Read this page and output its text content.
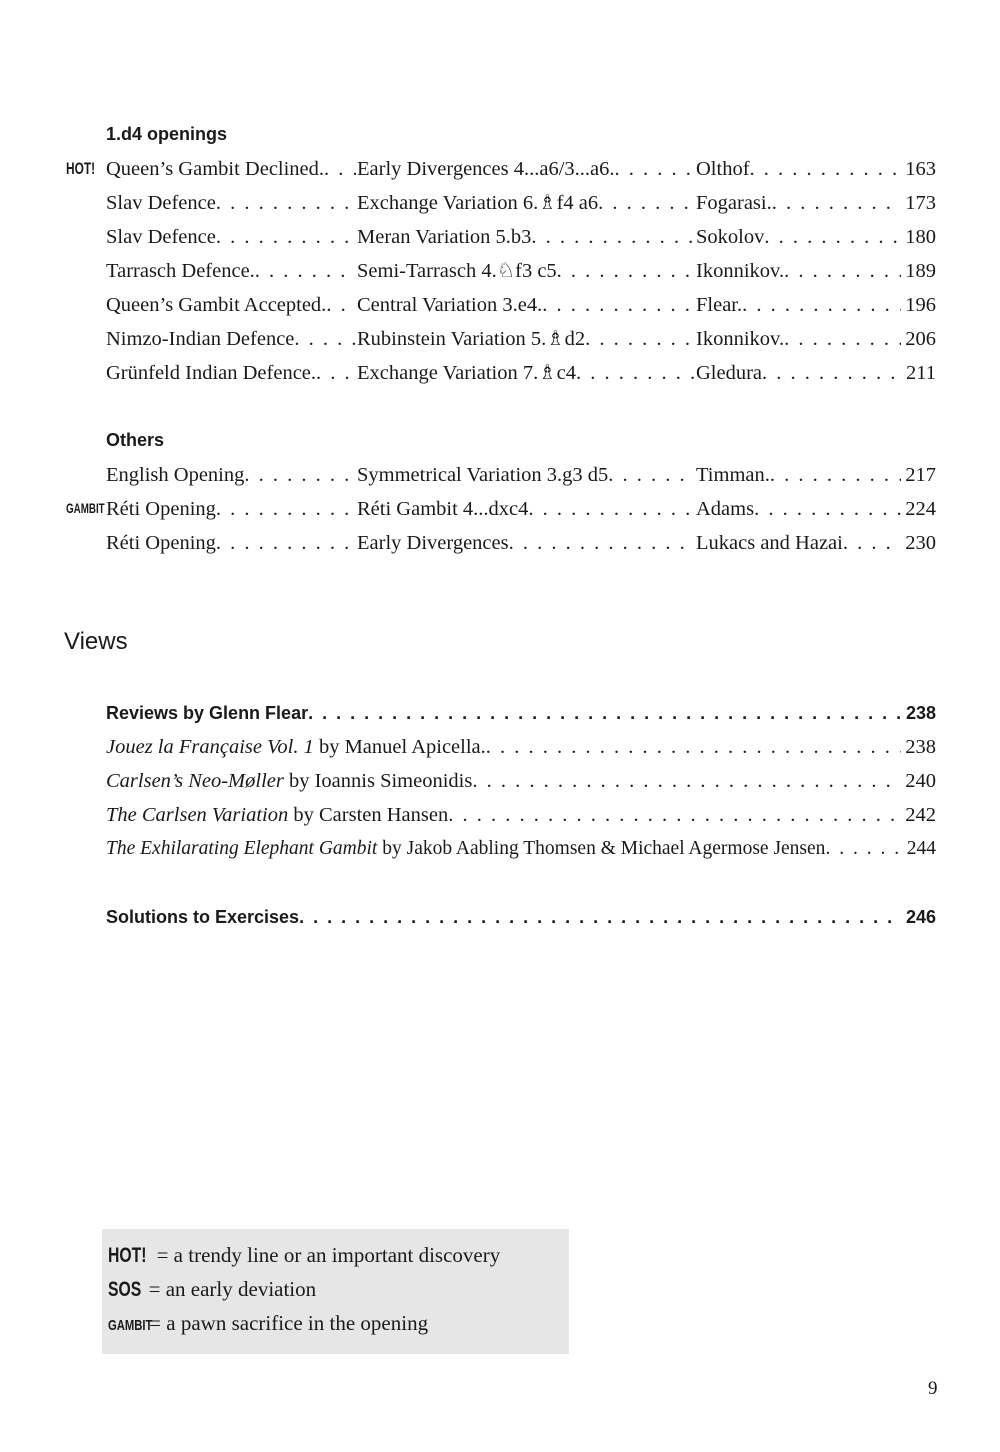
1.d4 openings
HOT! Queen’s Gambit Declined. . . . Early Divergences 4...a6/3...a6. . . .	Olthof . . .	163
Slav Defence . . .	Exchange Variation 6.♗f4 a6 . . .	Fogarasi. . . .	173
Slav Defence . . .	Meran Variation 5.b3 . . .	Sokolov . . .	180
Tarrasch Defence. . . .	Semi-Tarrasch 4.♘f3 c5 . . .	Ikonnikov. . . .	189
Queen’s Gambit Accepted. . . . Central Variation 3.e4. . . .	Flear. . . .	196
Nimzo-Indian Defence . . .	Rubinstein Variation 5.♗d2 . . .	Ikonnikov. . . .	206
Grünfeld Indian Defence. . . . Exchange Variation 7.♗c4 . . .	Gledura . . .	211
Others
English Opening . . .	Symmetrical Variation 3.g3 d5 . . .	Timman. . . .	217
GAMBIT Réti Opening . . .	Réti Gambit 4...dxc4 . . .	Adams . . .	224
Réti Opening . . .	Early Divergences . . .	Lukacs and Hazai . . .	230
Views
Reviews by Glenn Flear . . .	238
Jouez la Française Vol. 1 by Manuel Apicella. . . .	238
Carlsen’s Neo-Møller by Ioannis Simeonidis . . .	240
The Carlsen Variation by Carsten Hansen . . .	242
The Exhilarating Elephant Gambit by Jakob Aabling Thomsen & Michael Agermose Jensen . . .	244
Solutions to Exercises . . .	246
HOT! = a trendy line or an important discovery
SOS = an early deviation
GAMBIT= a pawn sacrifice in the opening
9
